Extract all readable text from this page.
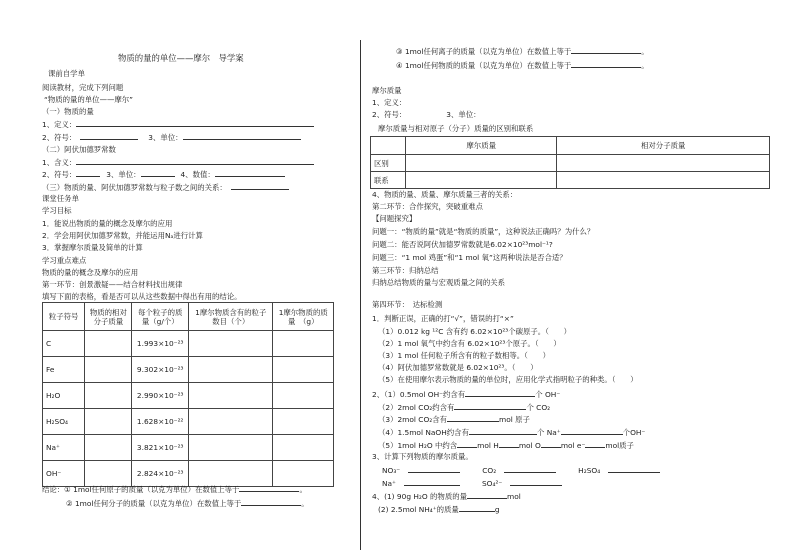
物质的量的单位——摩尔　导学案
课前自学单
阅读教材，完成下列问题
“物质的量的单位——摩尔”
（一）物质的量
1、定义：
2、符号：	3、单位：
（二）阿伏加德罗常数
1、含义：
2、符号：	3、单位：	4、数值：
（三）物质的量、阿伏加德罗常数与粒子数之间的关系：
课堂任务单
学习目标
1．能说出物质的量的概念及摩尔的应用
2．学会用阿伏加德罗常数，并能运用Nₐ进行计算
3．掌握摩尔质量及简单的计算
学习重点难点
物质的量的概念及摩尔的应用
第一环节：创景激疑——结合材料找出规律
填写下面的表格，看是否可以从这些数据中得出有用的结论。
粒子符号	物质的相对分子质量	每个粒子的质量（g/个）	1摩尔物质含有的粒子数目（个）	1摩尔物质的质量　（g）
C		1.993×10⁻²³		
Fe		9.302×10⁻²³		
H₂O		2.990×10⁻²³		
H₂SO₄		1.628×10⁻²²		
Na⁺		3.821×10⁻²³		
OH⁻		2.824×10⁻²³		
结论：① 1mol任何原子的质量（以克为单位）在数值上等于	。
② 1mol任何分子的质量（以克为单位）在数值上等于	。
③ 1mol任何离子的质量（以克为单位）在数值上等于	。
④ 1mol任何物质的质量（以克为单位）在数值上等于	。
摩尔质量
1、定义：
2、符号：	3、单位：
摩尔质量与相对原子（分子）质量的区别和联系
	摩尔质量	相对分子质量
区别		
联系		
4、物质的量、质量、摩尔质量三者的关系：
第二环节：合作探究，突破重难点
【问题探究】
问题一：“物质的量”就是“物质的质量”，这种说法正确吗？为什么？
问题二：能否说阿伏加德罗常数就是6.02×10²³mol⁻¹?
问题三：“1 mol 鸡蛋”和“1 mol 氧”这两种说法是否合适？
第三环节：归纳总结
归纳总结物质的量与宏观质量之间的关系
第四环节：　达标检测
1．判断正误，正确的打“√”，错误的打“×”
（1）0.012 kg ¹²C 含有约 6.02×10²³个碳原子。（　　）
（2）1 mol 氧气中约含有 6.02×10²³个原子。（　　）
（3）1 mol 任何粒子所含有的粒子数相等。（　　）
（4）阿伏加德罗常数就是 6.02×10²³。（　　）
（5）在使用摩尔表示物质的量的单位时，应用化学式指明粒子的种类。（　　）
2、（1）0.5mol OH⁻约含有	个 OH⁻
（2）2mol CO₂约含有	个 CO₂
（3）2mol CO₂含有	mol 原子
（4）1.5mol NaOH约含有	个 Na⁺	个OH⁻
（5）1mol H₂O 中约含	mol H	mol O	mol e⁻	mol质子
3、计算下列物质的摩尔质量。
NO₃⁻	CO₂	H₂SO₄
Na⁺	SO₄²⁻
4、(1) 90g H₂O 的物质的量	mol
(2) 2.5mol NH₄⁺的质量	g
